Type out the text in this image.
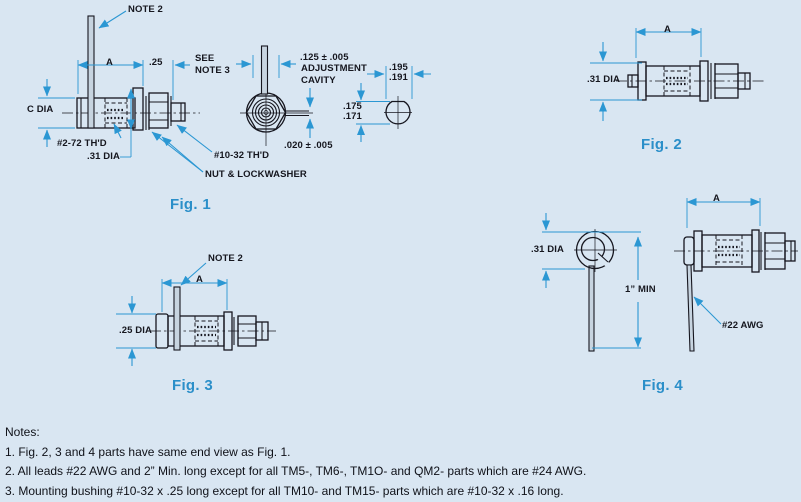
NOTE 2
A	.25	SEE NOTE 3
C DIA
#2-72 TH'D
.31 DIA	#10-32 TH'D
NUT & LOCKWASHER
.125 ± .005
ADJUSTMENT CAVITY
.020 ± .005
.195
.191
.175
.171
Fig. 1
A
.31 DIA
Fig. 2
NOTE 2
A
.25 DIA
Fig. 3
.31 DIA
1” MIN
A
#22 AWG
Fig. 4
Notes:
1. Fig. 2, 3 and 4 parts have same end view as Fig. 1.
2. All leads #22 AWG and 2” Min. long except for all TM5-, TM6-, TM1O- and QM2- parts which are #24 AWG.
3. Mounting bushing #10-32 x .25 long except for all TM10- and TM15- parts which are #10-32 x .16 long.
